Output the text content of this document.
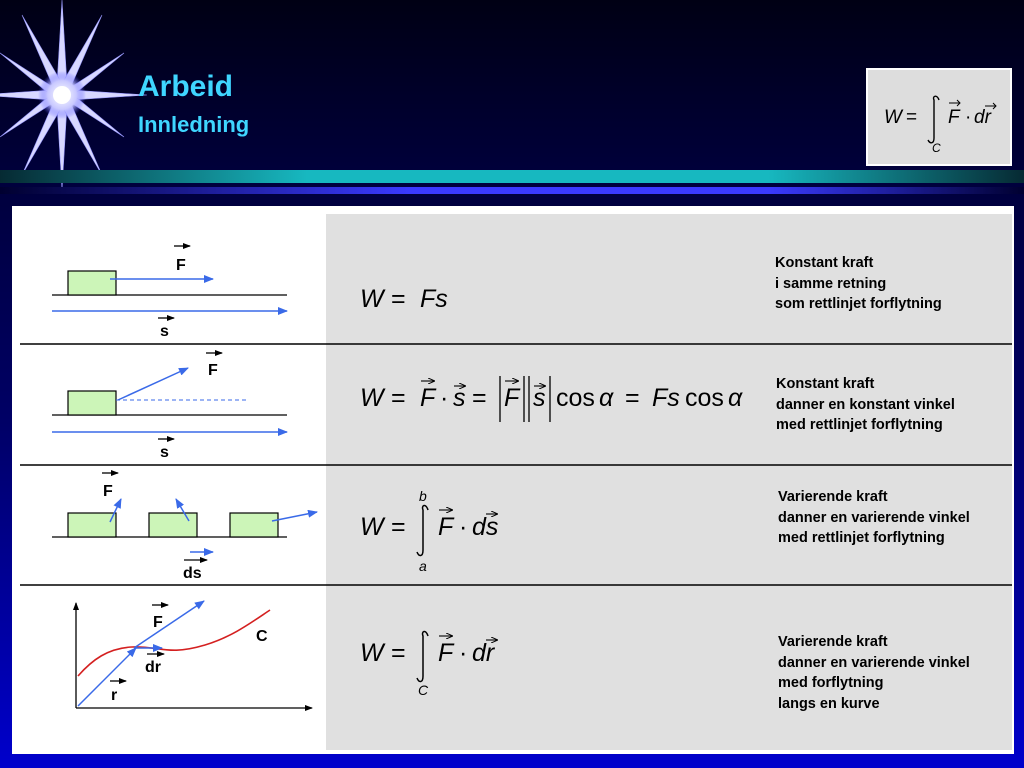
Arbeid
Innledning	W =
C
F · dr
F
s
F
s
F
ds
F
C
dr
r
W = Fs
W = F · s = F s cos α = Fs cos α
W =
b
a
F · ds
W =
C
F · dr
Konstant kraft
i samme retning
som rettlinjet forflytning
Konstant kraft
danner en konstant vinkel
med rettlinjet forflytning
Varierende kraft
danner en varierende vinkel
med rettlinjet forflytning
Varierende kraft
danner en varierende vinkel
med forflytning
langs en kurve
